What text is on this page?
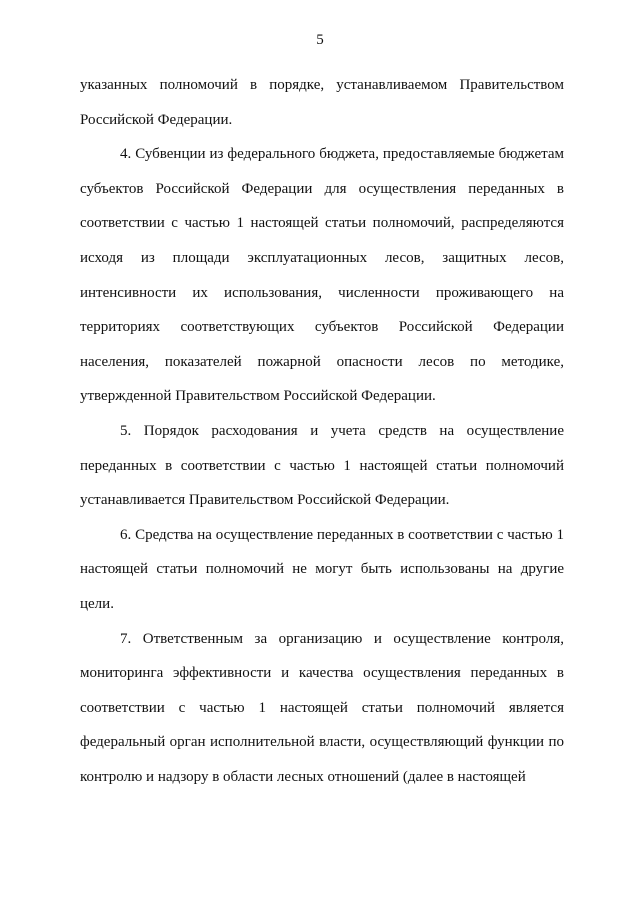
5

указанных полномочий в порядке, устанавливаемом Правительством Российской Федерации.

4. Субвенции из федерального бюджета, предоставляемые бюджетам субъектов Российской Федерации для осуществления переданных в соответствии с частью 1 настоящей статьи полномочий, распределяются исходя из площади эксплуатационных лесов, защитных лесов, интенсивности их использования, численности проживающего на территориях соответствующих субъектов Российской Федерации населения, показателей пожарной опасности лесов по методике, утвержденной Правительством Российской Федерации.

5. Порядок расходования и учета средств на осуществление переданных в соответствии с частью 1 настоящей статьи полномочий устанавливается Правительством Российской Федерации.

6. Средства на осуществление переданных в соответствии с частью 1 настоящей статьи полномочий не могут быть использованы на другие цели.

7. Ответственным за организацию и осуществление контроля, мониторинга эффективности и качества осуществления переданных в соответствии с частью 1 настоящей статьи полномочий является федеральный орган исполнительной власти, осуществляющий функции по контролю и надзору в области лесных отношений (далее в настоящей
